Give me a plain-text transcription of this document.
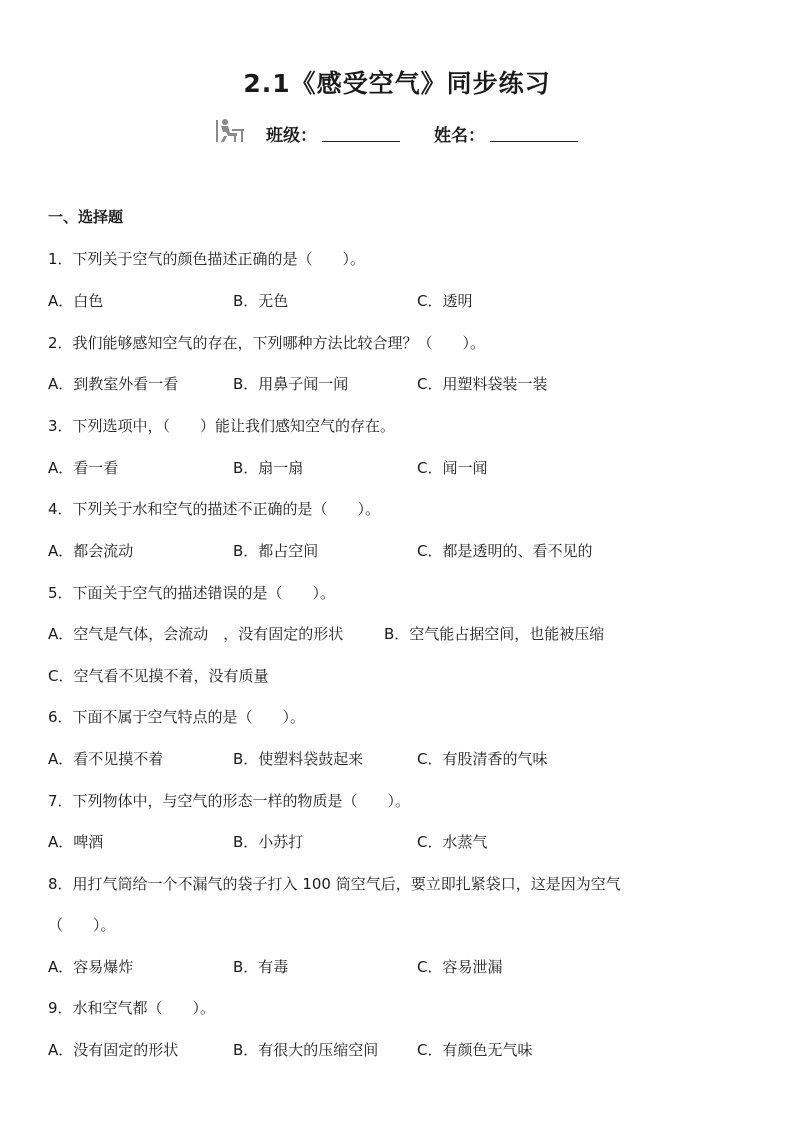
2.1《感受空气》同步练习
班级：	姓名：
一、选择题
1．下列关于空气的颜色描述正确的是（　　）。
A．白色	B．无色	C．透明
2．我们能够感知空气的存在，下列哪种方法比较合理？（　　）。
A．到教室外看一看	B．用鼻子闻一闻	C．用塑料袋装一装
3．下列选项中，（　　）能让我们感知空气的存在。
A．看一看	B．扇一扇	C．闻一闻
4．下列关于水和空气的描述不正确的是（　　）。
A．都会流动	B．都占空间	C．都是透明的、看不见的
5．下面关于空气的描述错误的是（　　）。
A．空气是气体，会流动　，没有固定的形状	B．空气能占据空间，也能被压缩
C．空气看不见摸不着，没有质量
6．下面不属于空气特点的是（　　）。
A．看不见摸不着	B．使塑料袋鼓起来	C．有股清香的气味
7．下列物体中，与空气的形态一样的物质是（　　）。
A．啤酒	B．小苏打	C．水蒸气
8．用打气筒给一个不漏气的袋子打入 100 筒空气后，要立即扎紧袋口，这是因为空气
（　　）。
A．容易爆炸	B．有毒	C．容易泄漏
9．水和空气都（　　）。
A．没有固定的形状	B．有很大的压缩空间	C．有颜色无气味
